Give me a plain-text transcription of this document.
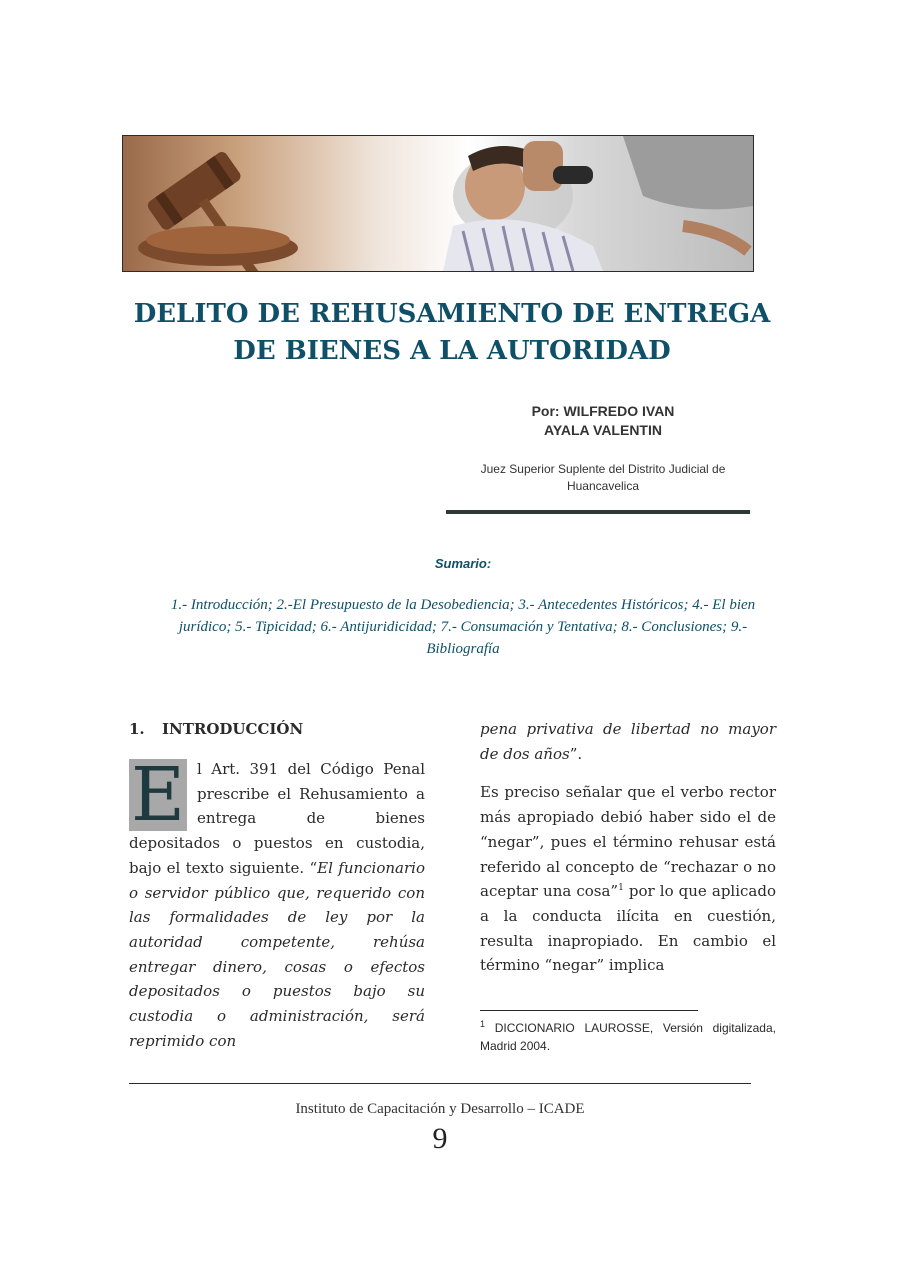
DELITO DE REHUSAMIENTO DE ENTREGA DE BIENES A LA AUTORIDAD
Por: WILFREDO IVAN
AYALA VALENTIN
Juez Superior Suplente del Distrito Judicial de Huancavelica
Sumario:
1.- Introducción; 2.-El Presupuesto de la Desobediencia; 3.- Antecedentes Históricos; 4.- El bien jurídico; 5.- Tipicidad; 6.- Antijuridicidad; 7.- Consumación y Tentativa; 8.- Conclusiones; 9.- Bibliografía
1. INTRODUCCIÓN

E l Art. 391 del Código Penal prescribe el Rehusamiento a entrega de bienes depositados o puestos en custodia, bajo el texto siguiente. “El funcionario o servidor público que, requerido con las formalidades de ley por la autoridad competente, rehúsa entregar dinero, cosas o efectos depositados o puestos bajo su custodia o administración, será reprimido con

pena privativa de libertad no mayor de dos años”.

Es preciso señalar que el verbo rector más apropiado debió haber sido el de “negar”, pues el término rehusar está referido al concepto de “rechazar o no aceptar una cosa”$^1$ por lo que aplicado a la conducta ilícita en cuestión, resulta inapropiado. En cambio el término “negar” implica

$^1$ DICCIONARIO LAUROSSE, Versión digitalizada, Madrid 2004.
Instituto de Capacitación y Desarrollo – ICADE
9
